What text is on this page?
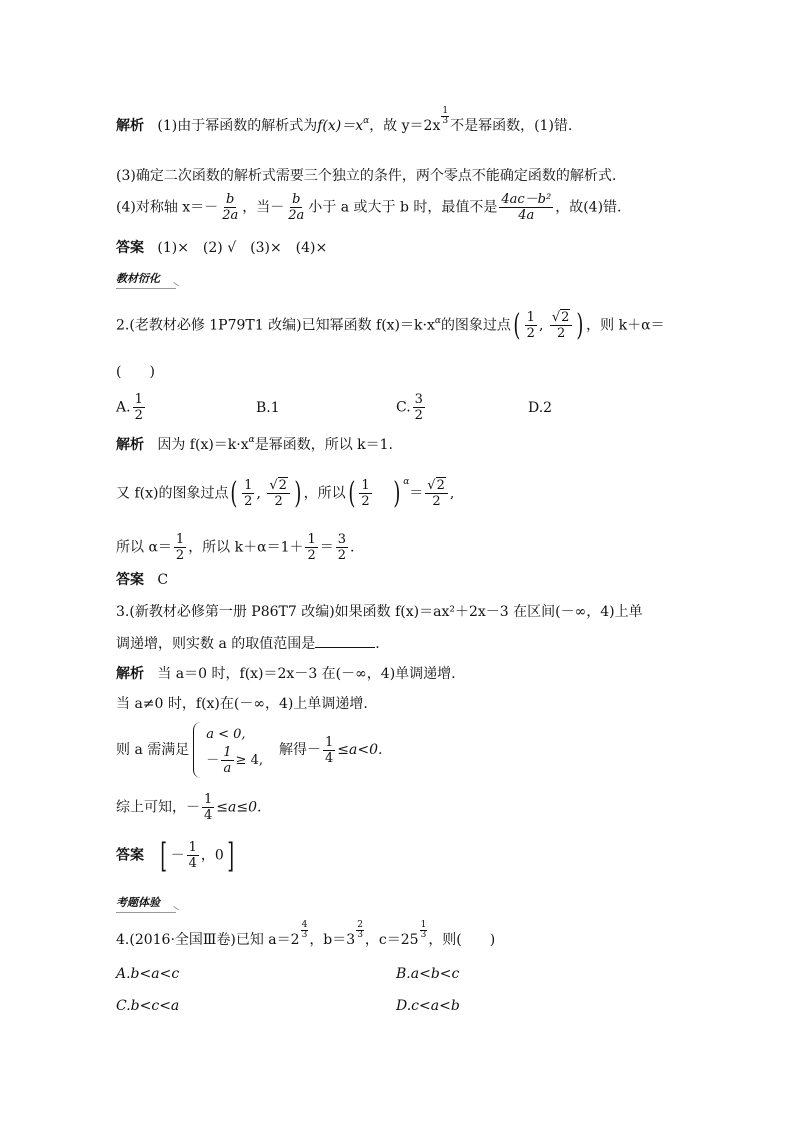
解析 (1)由于幂函数的解析式为$f(x)=x^\alpha$，故 y＝2x
$\frac{1}{3}$
不是幂函数，(1)错.
(3)确定二次函数的解析式需要三个独立的条件，两个零点不能确定函数的解析式.
(4)对称轴 $x=- \frac{b}{2a}$ ，当－ $\frac{b}{2a}$ 小于 a 或大于 b 时，最值不是 $\frac{\text{4ac－b²}}{4a}$ ，故(4)错.
答案 (1)×　(2) √　(3)×　(4)×
教材衍化
2.(老教材必修 1P79T1 改编)已知幂函数 $f(x)=k\cdot x^\alpha$的图象过点( $\frac{1}{2}$ , $\frac{√2}{2}$ ) ，则 k＋α＝
(　　)
A. $\frac{1}{2}$	B.1	C. $\frac{3}{2}$	D.2
解析 因为 $f(x)=k\cdot x^\alpha$是幂函数，所以 k＝1.
又 f(x)的图象过点( $\frac{1}{2}$ , $\frac{√2}{2}$ ) ，所以( $\frac{1}{2}$ ) $^\alpha= \frac{√2}{2}$ ,
所以 $\alpha= \frac{1}{2}$ ，所以 $k+\alpha=1+ \frac{1}{2} = \frac{3}{2}$ .
答案 C
3.(新教材必修第一册 P86T7 改编)如果函数 f(x)＝ax²＋2x－3 在区间(－∞，4)上单
调递增，则实数 a 的取值范围是	.
解析 当 a＝0 时，f(x)＝2x－3 在(－∞，4)单调递增.
当 a≠0 时，f(x)在(－∞，4)上单调递增.
则 a 需满足
a < 0,
－ $\frac{1}{a} \ge 4$,
解得－ $\frac{1}{4} \le a<0$.
综上可知，－ $\frac{1}{4} \le a\le 0$.
答案 [ － $\frac{1}{4}$ ，0]
考题体验
4.(2016·全国Ⅲ卷)已知 a＝2
$\frac{4}{3}$
，b＝3
$\frac{2}{3}$
，c＝25
$\frac{1}{3}$
，则(　　)
A.b<a<c	B.a<b<c
C.b<c<a	D.c<a<b
